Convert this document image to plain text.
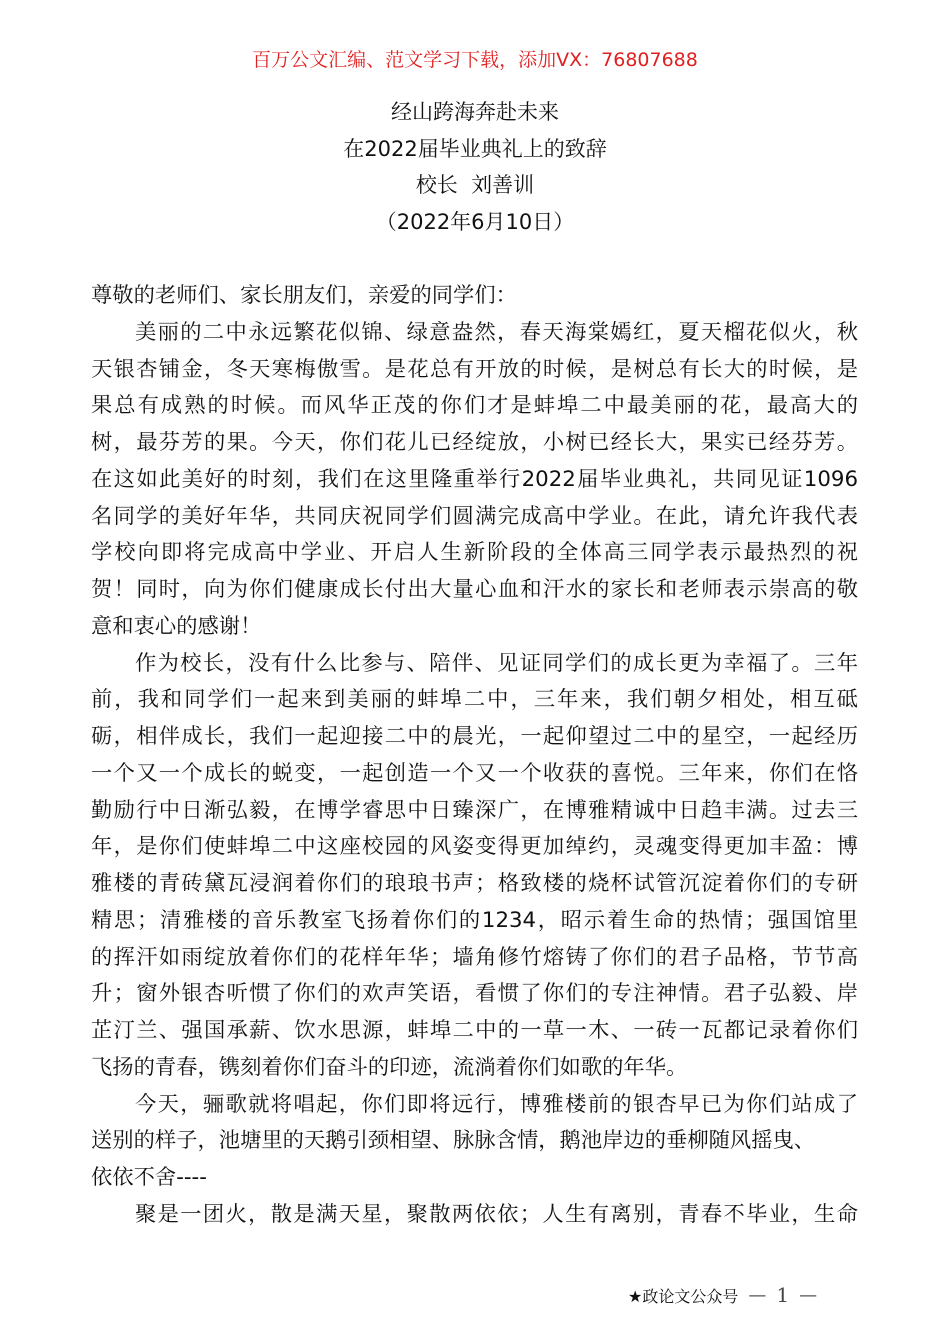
百万公文汇编、范文学习下载，添加VX：76807688
经山跨海奔赴未来
在2022届毕业典礼上的致辞
校长  刘善训
（2022年6月10日）
尊敬的老师们、家长朋友们，亲爱的同学们：
美丽的二中永远繁花似锦、绿意盎然，春天海棠嫣红，夏天榴花似火，秋
天银杏铺金，冬天寒梅傲雪。是花总有开放的时候，是树总有长大的时候，是
果总有成熟的时候。而风华正茂的你们才是蚌埠二中最美丽的花，最高大的
树，最芬芳的果。今天，你们花儿已经绽放，小树已经长大，果实已经芬芳。
在这如此美好的时刻，我们在这里隆重举行2022届毕业典礼，共同见证1096
名同学的美好年华，共同庆祝同学们圆满完成高中学业。在此，请允许我代表
学校向即将完成高中学业、开启人生新阶段的全体高三同学表示最热烈的祝
贺！同时，向为你们健康成长付出大量心血和汗水的家长和老师表示崇高的敬
意和衷心的感谢！
作为校长，没有什么比参与、陪伴、见证同学们的成长更为幸福了。三年
前，我和同学们一起来到美丽的蚌埠二中，三年来，我们朝夕相处，相互砥
砺，相伴成长，我们一起迎接二中的晨光，一起仰望过二中的星空，一起经历
一个又一个成长的蜕变，一起创造一个又一个收获的喜悦。三年来，你们在恪
勤励行中日渐弘毅，在博学睿思中日臻深广，在博雅精诚中日趋丰满。过去三
年，是你们使蚌埠二中这座校园的风姿变得更加绰约，灵魂变得更加丰盈：博
雅楼的青砖黛瓦浸润着你们的琅琅书声；格致楼的烧杯试管沉淀着你们的专研
精思；清雅楼的音乐教室飞扬着你们的1234，昭示着生命的热情；强国馆里
的挥汗如雨绽放着你们的花样年华；墙角修竹熔铸了你们的君子品格，节节高
升；窗外银杏听惯了你们的欢声笑语，看惯了你们的专注神情。君子弘毅、岸
芷汀兰、强国承薪、饮水思源，蚌埠二中的一草一木、一砖一瓦都记录着你们
飞扬的青春，镌刻着你们奋斗的印迹，流淌着你们如歌的年华。
今天，骊歌就将唱起，你们即将远行，博雅楼前的银杏早已为你们站成了
送别的样子，池塘里的天鹅引颈相望、脉脉含情，鹅池岸边的垂柳随风摇曳、
依依不舍----
聚是一团火，散是满天星，聚散两依依；人生有离别，青春不毕业，生命
★政论文公众号 — 1 —
